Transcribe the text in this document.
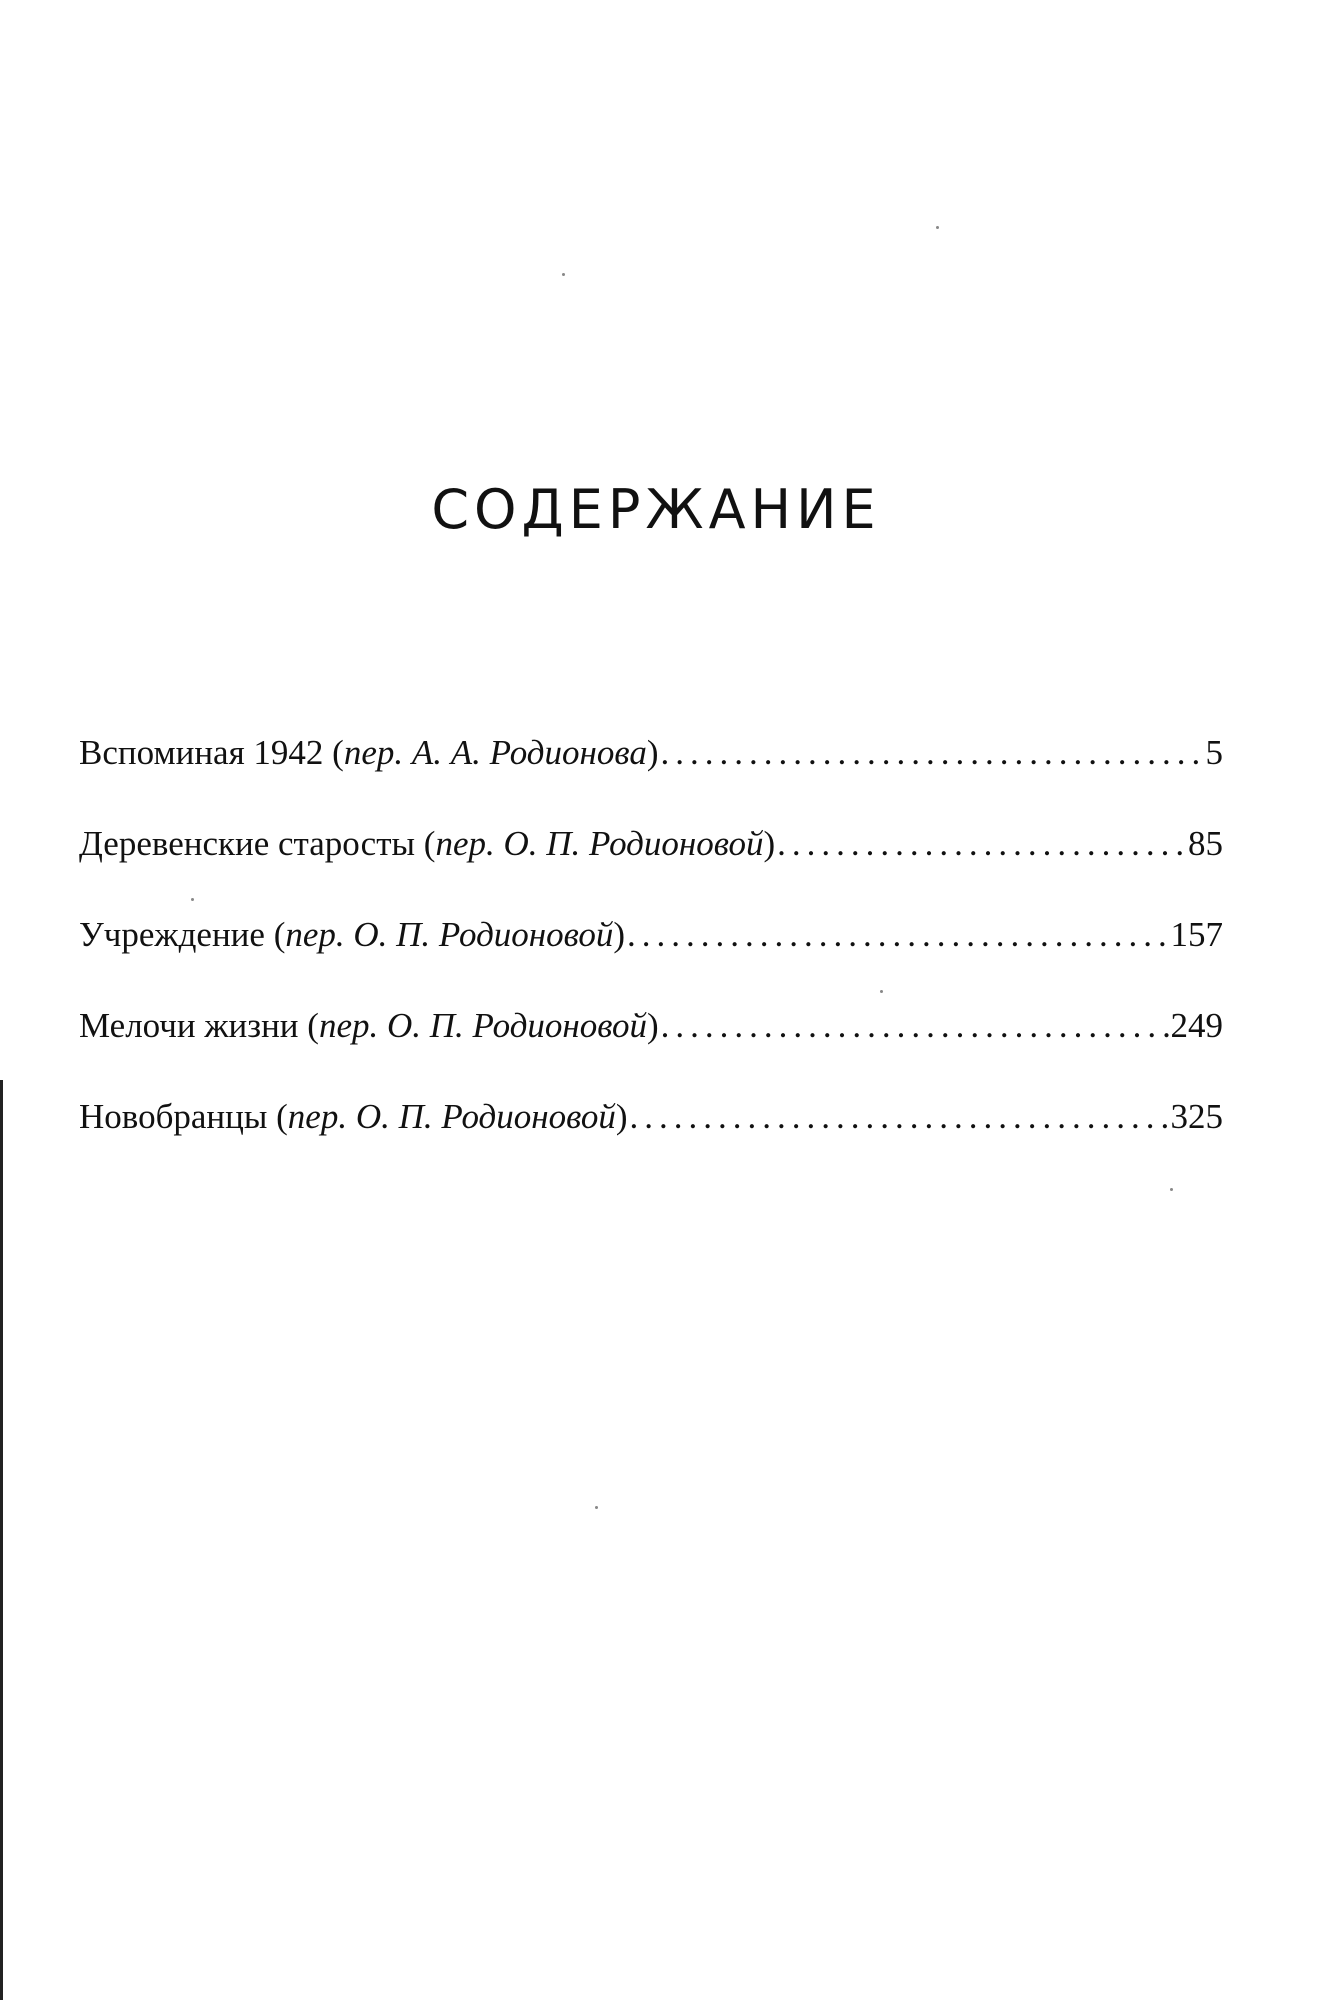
СОДЕРЖАНИЕ
Вспоминая 1942 (пер. А. А. Родионова) .....	5
Деревенские старосты (пер. О. П. Родионовой) .....	85
Учреждение (пер. О. П. Родионовой) .....	157
Мелочи жизни (пер. О. П. Родионовой) .....	249
Новобранцы (пер. О. П. Родионовой) .....	325
